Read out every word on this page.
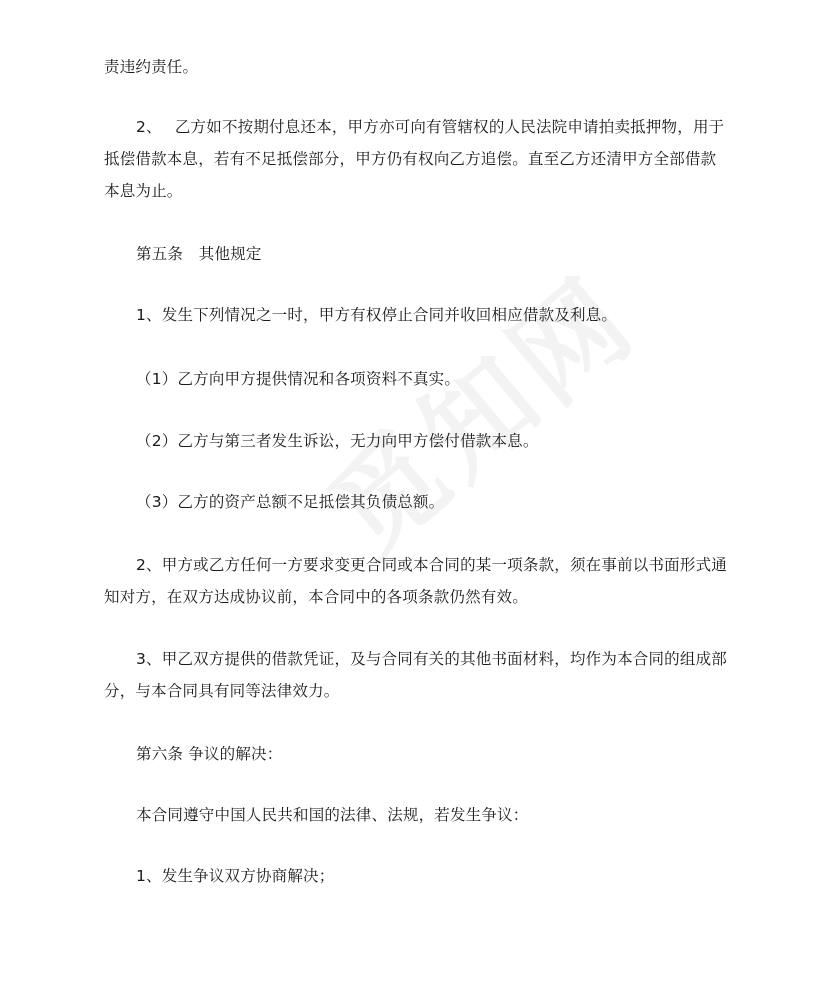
责违约责任。
2、　 乙方如不按期付息还本，甲方亦可向有管辖权的人民法院申请拍卖抵押物，用于
抵偿借款本息，若有不足抵偿部分，甲方仍有权向乙方追偿。直至乙方还清甲方全部借款
本息为止。
第五条　其他规定
1、发生下列情况之一时，甲方有权停止合同并收回相应借款及利息。
（1）乙方向甲方提供情况和各项资料不真实。
（2）乙方与第三者发生诉讼，无力向甲方偿付借款本息。
（3）乙方的资产总额不足抵偿其负债总额。
2、甲方或乙方任何一方要求变更合同或本合同的某一项条款，须在事前以书面形式通
知对方，在双方达成协议前，本合同中的各项条款仍然有效。
3、甲乙双方提供的借款凭证，及与合同有关的其他书面材料，均作为本合同的组成部
分，与本合同具有同等法律效力。
第六条 争议的解决：
本合同遵守中国人民共和国的法律、法规，若发生争议：
1、发生争议双方协商解决；
